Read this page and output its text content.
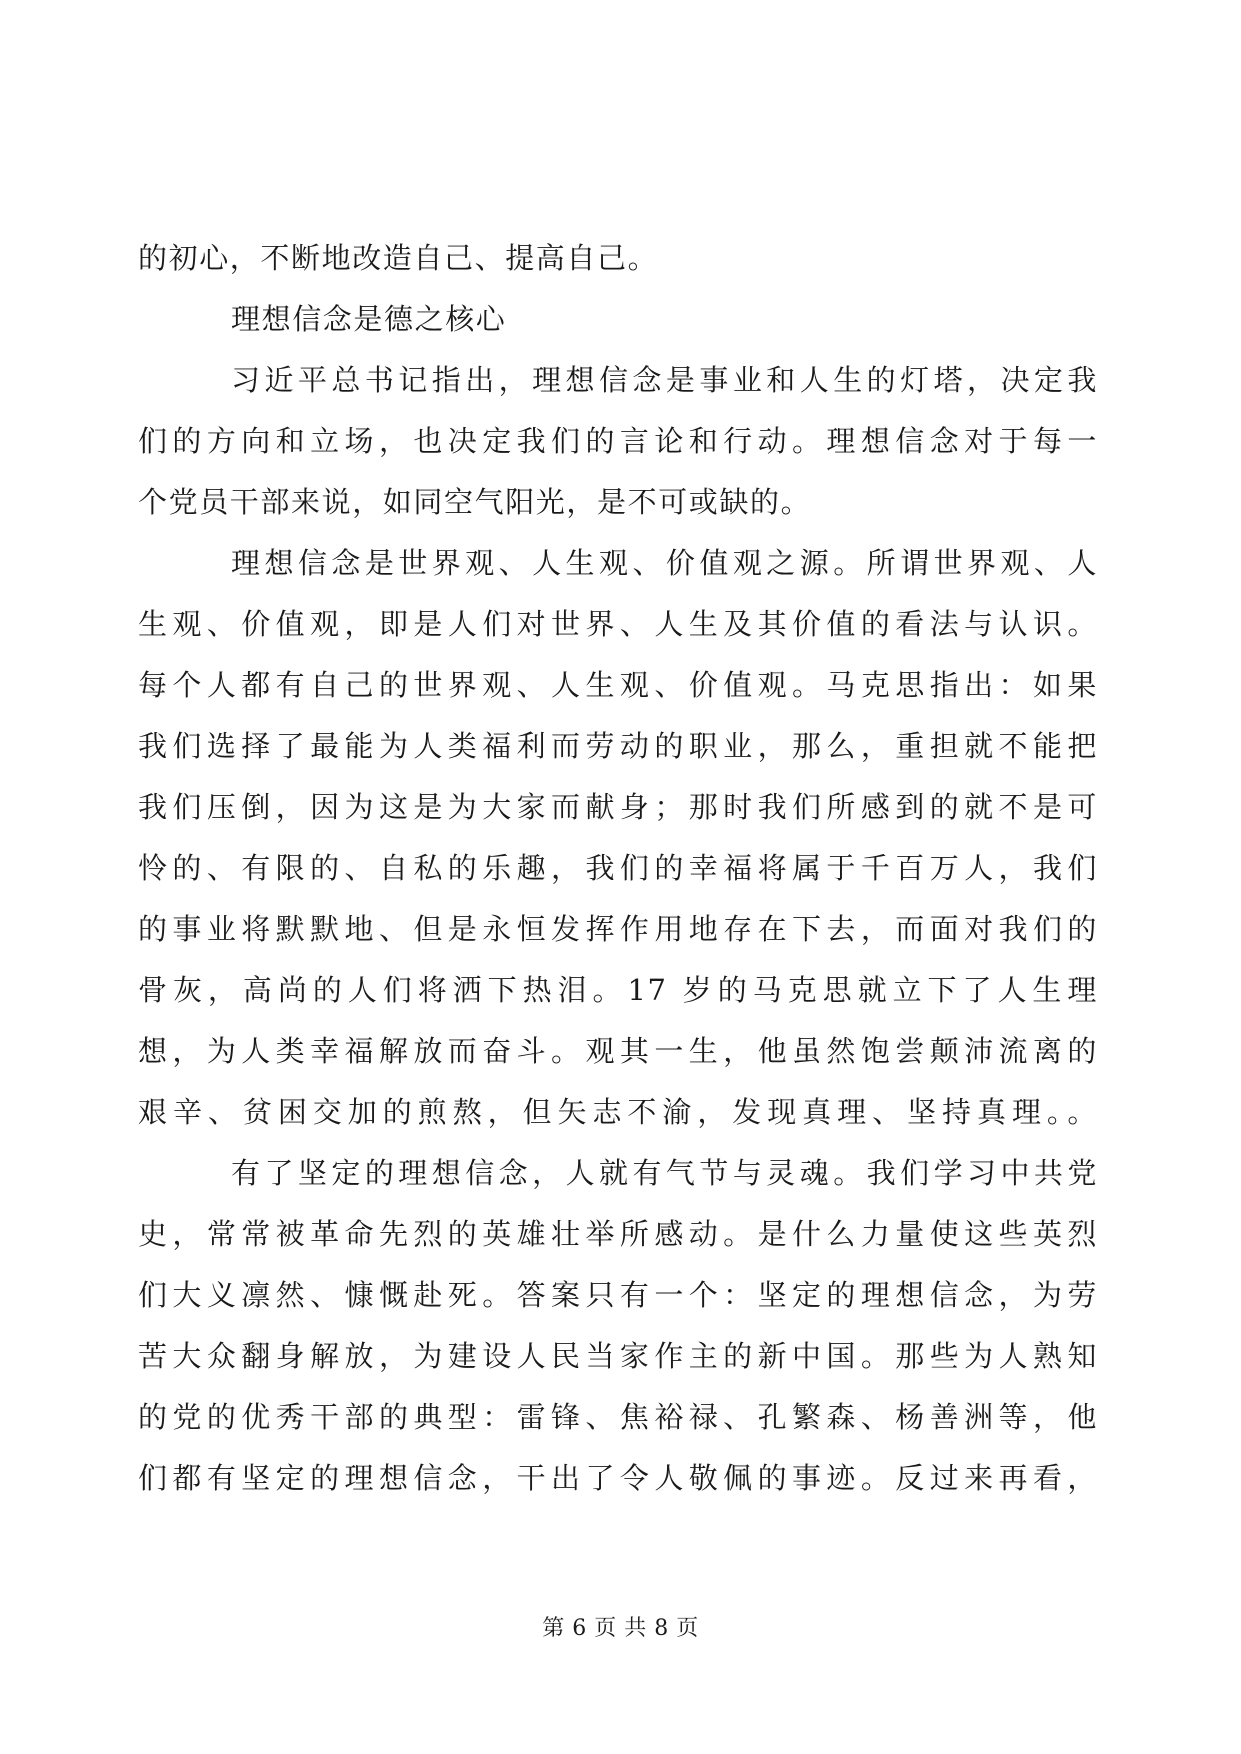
的初心，不断地改造自己、提高自己。
理想信念是德之核心
习近平总书记指出，理想信念是事业和人生的灯塔，决定我
们的方向和立场，也决定我们的言论和行动。理想信念对于每一
个党员干部来说，如同空气阳光，是不可或缺的。
理想信念是世界观、人生观、价值观之源。所谓世界观、人
生观、价值观，即是人们对世界、人生及其价值的看法与认识。
每个人都有自己的世界观、人生观、价值观。马克思指出：如果
我们选择了最能为人类福利而劳动的职业，那么，重担就不能把
我们压倒，因为这是为大家而献身；那时我们所感到的就不是可
怜的、有限的、自私的乐趣，我们的幸福将属于千百万人，我们
的事业将默默地、但是永恒发挥作用地存在下去，而面对我们的
骨灰，高尚的人们将洒下热泪。17 岁的马克思就立下了人生理
想，为人类幸福解放而奋斗。观其一生，他虽然饱尝颠沛流离的
艰辛、贫困交加的煎熬，但矢志不渝，发现真理、坚持真理。。
有了坚定的理想信念，人就有气节与灵魂。我们学习中共党
史，常常被革命先烈的英雄壮举所感动。是什么力量使这些英烈
们大义凛然、慷慨赴死。答案只有一个：坚定的理想信念，为劳
苦大众翻身解放，为建设人民当家作主的新中国。那些为人熟知
的党的优秀干部的典型：雷锋、焦裕禄、孔繁森、杨善洲等，他
们都有坚定的理想信念，干出了令人敬佩的事迹。反过来再看，
第 6 页 共 8 页
